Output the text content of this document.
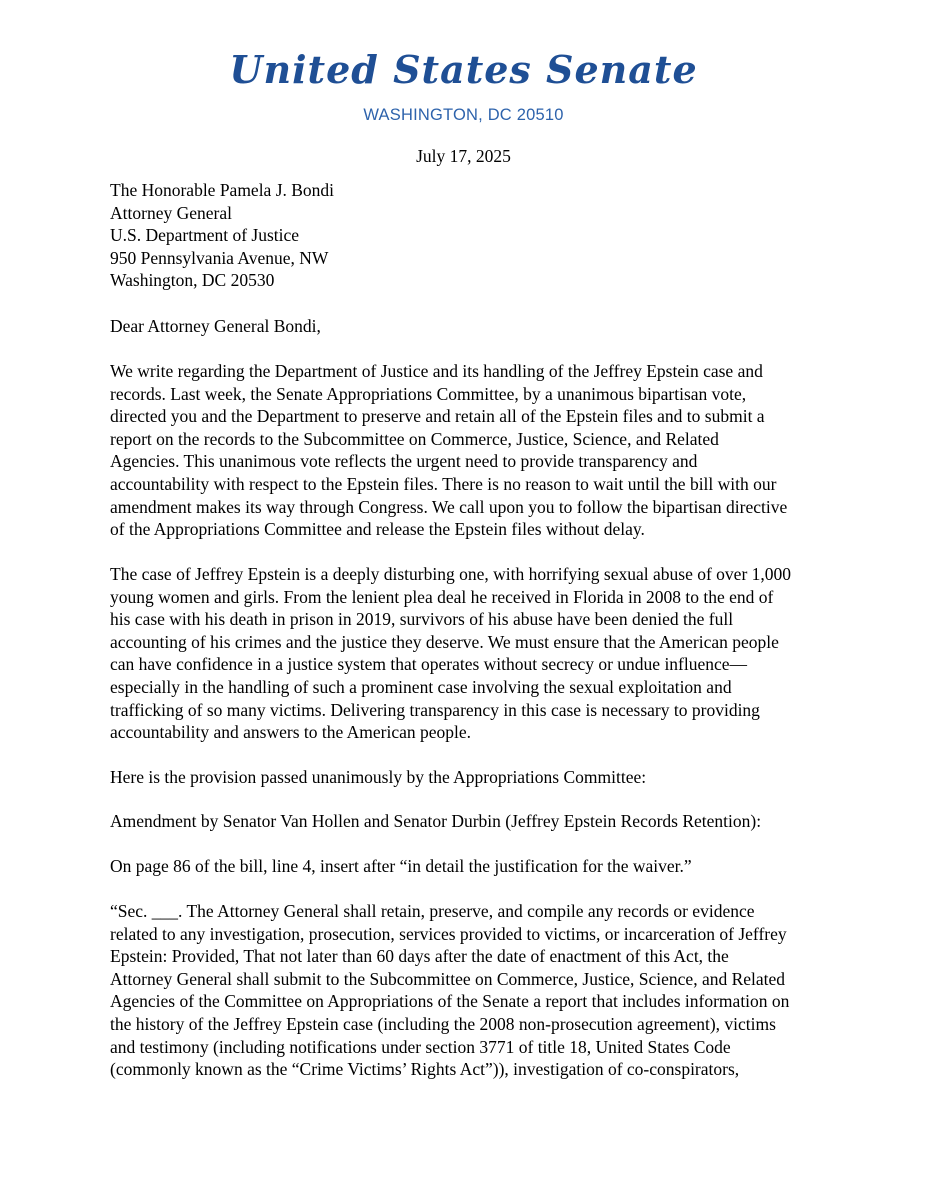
United States Senate
WASHINGTON, DC 20510
July 17, 2025
The Honorable Pamela J. Bondi
Attorney General
U.S. Department of Justice
950 Pennsylvania Avenue, NW
Washington, DC 20530
Dear Attorney General Bondi,
We write regarding the Department of Justice and its handling of the Jeffrey Epstein case and
records. Last week, the Senate Appropriations Committee, by a unanimous bipartisan vote,
directed you and the Department to preserve and retain all of the Epstein files and to submit a
report on the records to the Subcommittee on Commerce, Justice, Science, and Related
Agencies. This unanimous vote reflects the urgent need to provide transparency and
accountability with respect to the Epstein files. There is no reason to wait until the bill with our
amendment makes its way through Congress. We call upon you to follow the bipartisan directive
of the Appropriations Committee and release the Epstein files without delay.
The case of Jeffrey Epstein is a deeply disturbing one, with horrifying sexual abuse of over 1,000
young women and girls. From the lenient plea deal he received in Florida in 2008 to the end of
his case with his death in prison in 2019, survivors of his abuse have been denied the full
accounting of his crimes and the justice they deserve. We must ensure that the American people
can have confidence in a justice system that operates without secrecy or undue influence—
especially in the handling of such a prominent case involving the sexual exploitation and
trafficking of so many victims. Delivering transparency in this case is necessary to providing
accountability and answers to the American people.
Here is the provision passed unanimously by the Appropriations Committee:
Amendment by Senator Van Hollen and Senator Durbin (Jeffrey Epstein Records Retention):
On page 86 of the bill, line 4, insert after “in detail the justification for the waiver.”
“Sec. ___. The Attorney General shall retain, preserve, and compile any records or evidence
related to any investigation, prosecution, services provided to victims, or incarceration of Jeffrey
Epstein: Provided, That not later than 60 days after the date of enactment of this Act, the
Attorney General shall submit to the Subcommittee on Commerce, Justice, Science, and Related
Agencies of the Committee on Appropriations of the Senate a report that includes information on
the history of the Jeffrey Epstein case (including the 2008 non-prosecution agreement), victims
and testimony (including notifications under section 3771 of title 18, United States Code
(commonly known as the “Crime Victims’ Rights Act”)), investigation of co-conspirators,
